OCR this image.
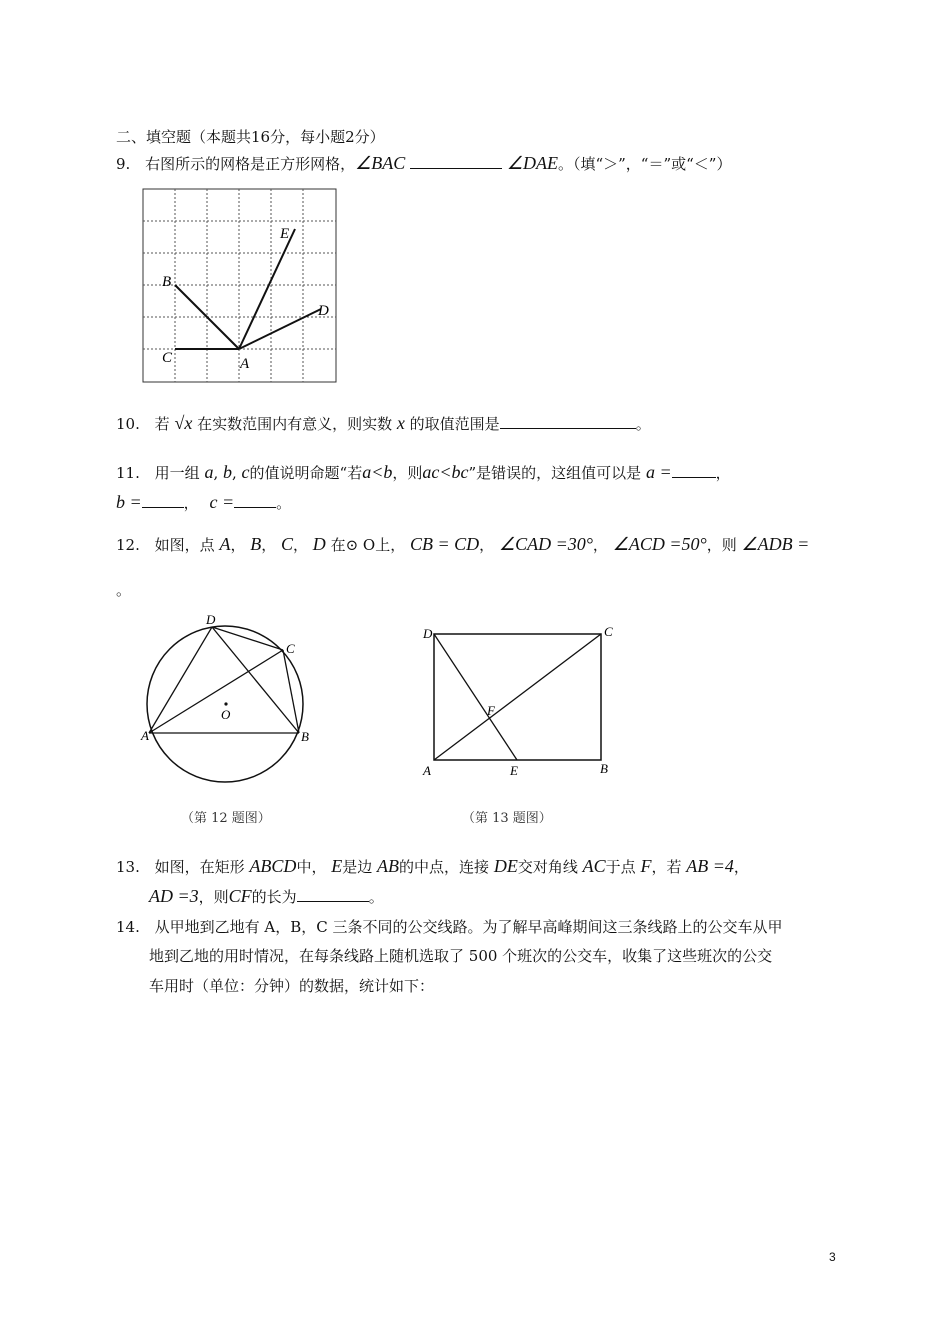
二、填空题（本题共16分，每小题2分）
9. 右图所示的网格是正方形网格，∠BAC	∠DAE。（填“＞”，“＝”或“＜”）
B
C	A
E
D
10. 若 √x 在实数范围内有意义，则实数 x 的取值范围是	。
11. 用一组 a, b, c的值说明命题“若a<b，则ac<bc”是错误的，这组值可以是 a =	，
b =	， c =	。
12. 如图，点 A， B， C， D 在⊙ O上， CB = CD， ∠CAD =30°， ∠ACD =50°，则 ∠ADB =
。
A	B
C
D
O
（第 12 题图）
D	C
A	B
E
F
（第 13 题图）
13. 如图，在矩形 ABCD中， E是边 AB的中点，连接 DE交对角线 AC于点 F，若 AB =4，
AD =3，则CF的长为	。
14. 从甲地到乙地有 A，B，C 三条不同的公交线路。为了解早高峰期间这三条线路上的公交车从甲
地到乙地的用时情况，在每条线路上随机选取了 500 个班次的公交车，收集了这些班次的公交
车用时（单位：分钟）的数据，统计如下：
3
